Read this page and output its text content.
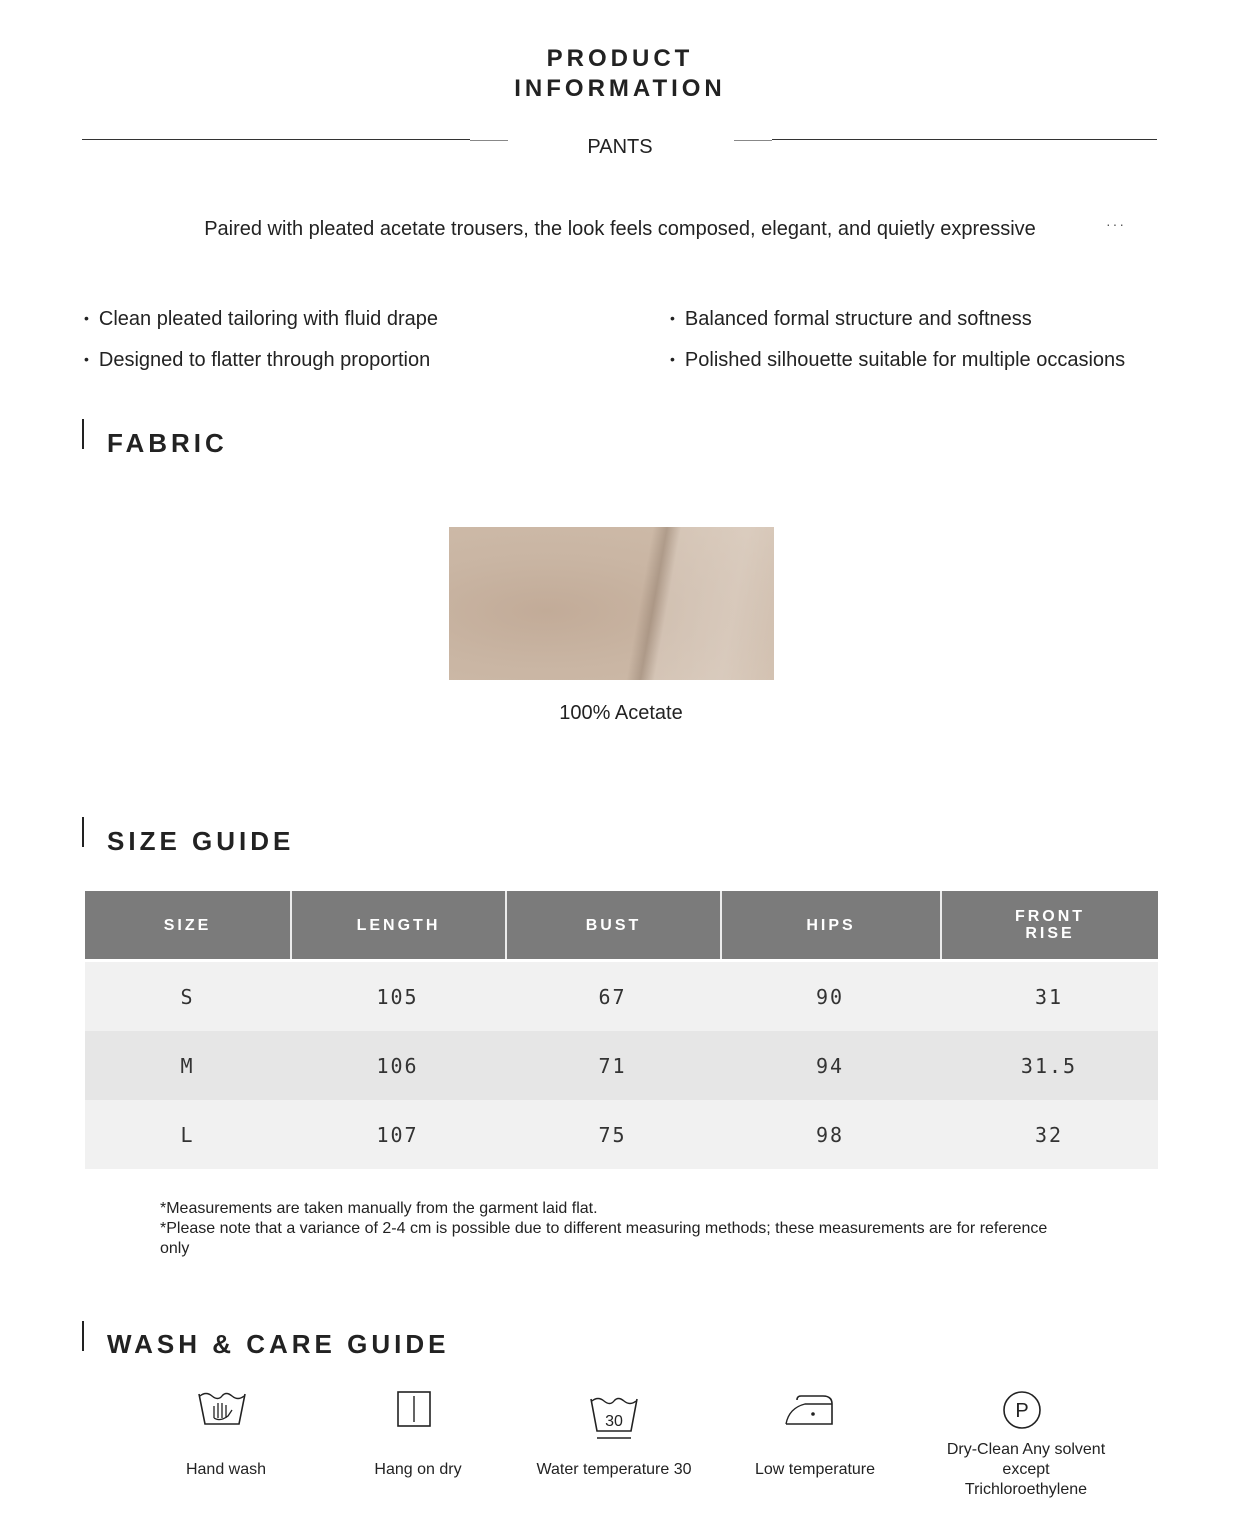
PRODUCT
INFORMATION
PANTS
Paired with pleated acetate trousers, the look feels composed, elegant, and quietly expressive	···
• Clean pleated tailoring with fluid drape	• Balanced formal structure and softness
• Designed to flatter through proportion	• Polished silhouette suitable for multiple occasions
FABRIC
100% Acetate
SIZE GUIDE
SIZE	LENGTH	BUST	HIPS	FRONT RISE
S	105	67	90	31
M	106	71	94	31.5
L	107	75	98	32
*Measurements are taken manually from the garment laid flat.
*Please note that a variance of 2-4 cm is possible due to different measuring methods; these measurements are for reference only
WASH & CARE GUIDE
30	P
Hand wash	Hang on dry	Water temperature 30	Low temperature
Dry-Clean Any solvent except Trichloroethylene
